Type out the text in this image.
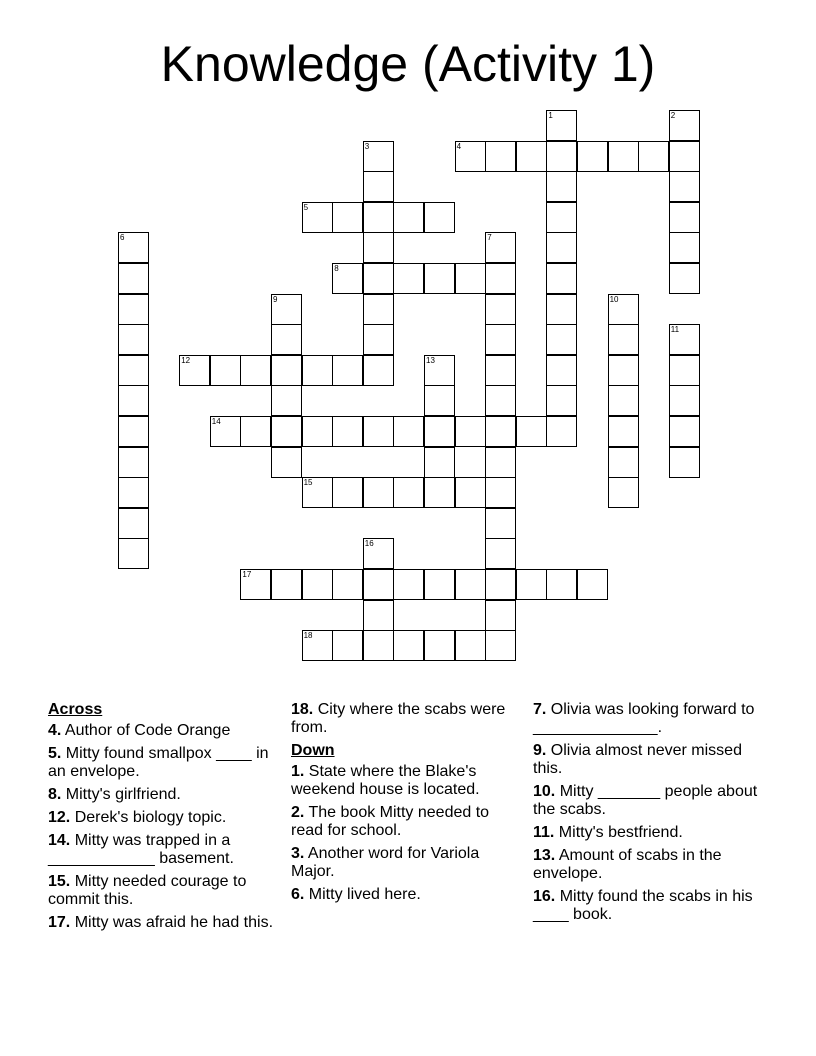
Knowledge (Activity 1)
1	2
3	4
5
6	7
8
9	10
11
12	13
14
15
16
17
18
Across
4. Author of Code Orange
5. Mitty found smallpox ____ in an envelope.
8. Mitty's girlfriend.
12. Derek's biology topic.
14. Mitty was trapped in a ____________ basement.
15. Mitty needed courage to commit this.
17. Mitty was afraid he had this.
18. City where the scabs were from.
Down
1. State where the Blake's weekend house is located.
2. The book Mitty needed to read for school.
3. Another word for Variola Major.
6. Mitty lived here.
7. Olivia was looking forward to ______________.
9. Olivia almost never missed this.
10. Mitty _______ people about the scabs.
11. Mitty's bestfriend.
13. Amount of scabs in the envelope.
16. Mitty found the scabs in his ____ book.
